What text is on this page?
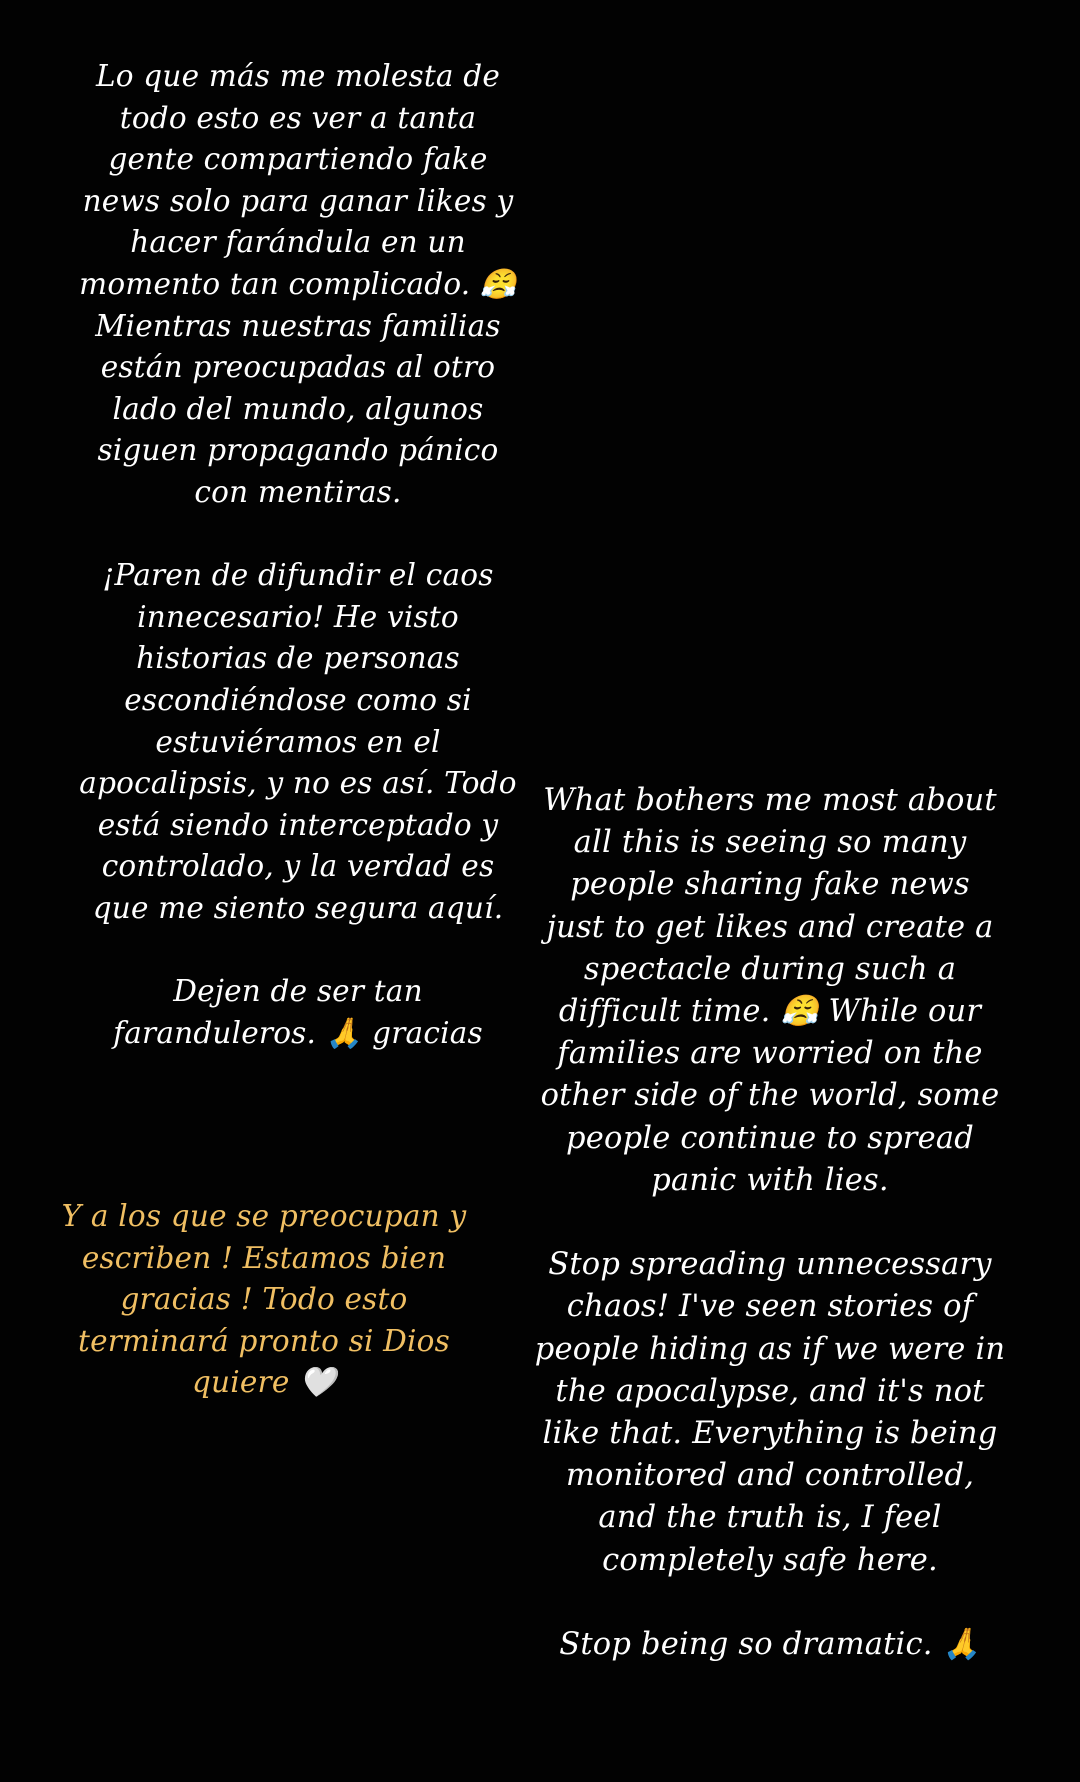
Lo que más me molesta de
todo esto es ver a tanta
gente compartiendo fake
news solo para ganar likes y
hacer farándula en un
momento tan complicado. 😤
Mientras nuestras familias
están preocupadas al otro
lado del mundo, algunos
siguen propagando pánico
con mentiras.

¡Paren de difundir el caos
innecesario! He visto
historias de personas
escondiéndose como si
estuviéramos en el
apocalipsis, y no es así. Todo
está siendo interceptado y
controlado, y la verdad es
que me siento segura aquí.

Dejen de ser tan
faranduleros. 🙏 gracias

Y a los que se preocupan y
escriben ! Estamos bien
gracias ! Todo esto
terminará pronto si Dios
quiere 🤍

What bothers me most about
all this is seeing so many
people sharing fake news
just to get likes and create a
spectacle during such a
difficult time. 😤 While our
families are worried on the
other side of the world, some
people continue to spread
panic with lies.

Stop spreading unnecessary
chaos! I've seen stories of
people hiding as if we were in
the apocalypse, and it's not
like that. Everything is being
monitored and controlled,
and the truth is, I feel
completely safe here.

Stop being so dramatic. 🙏
